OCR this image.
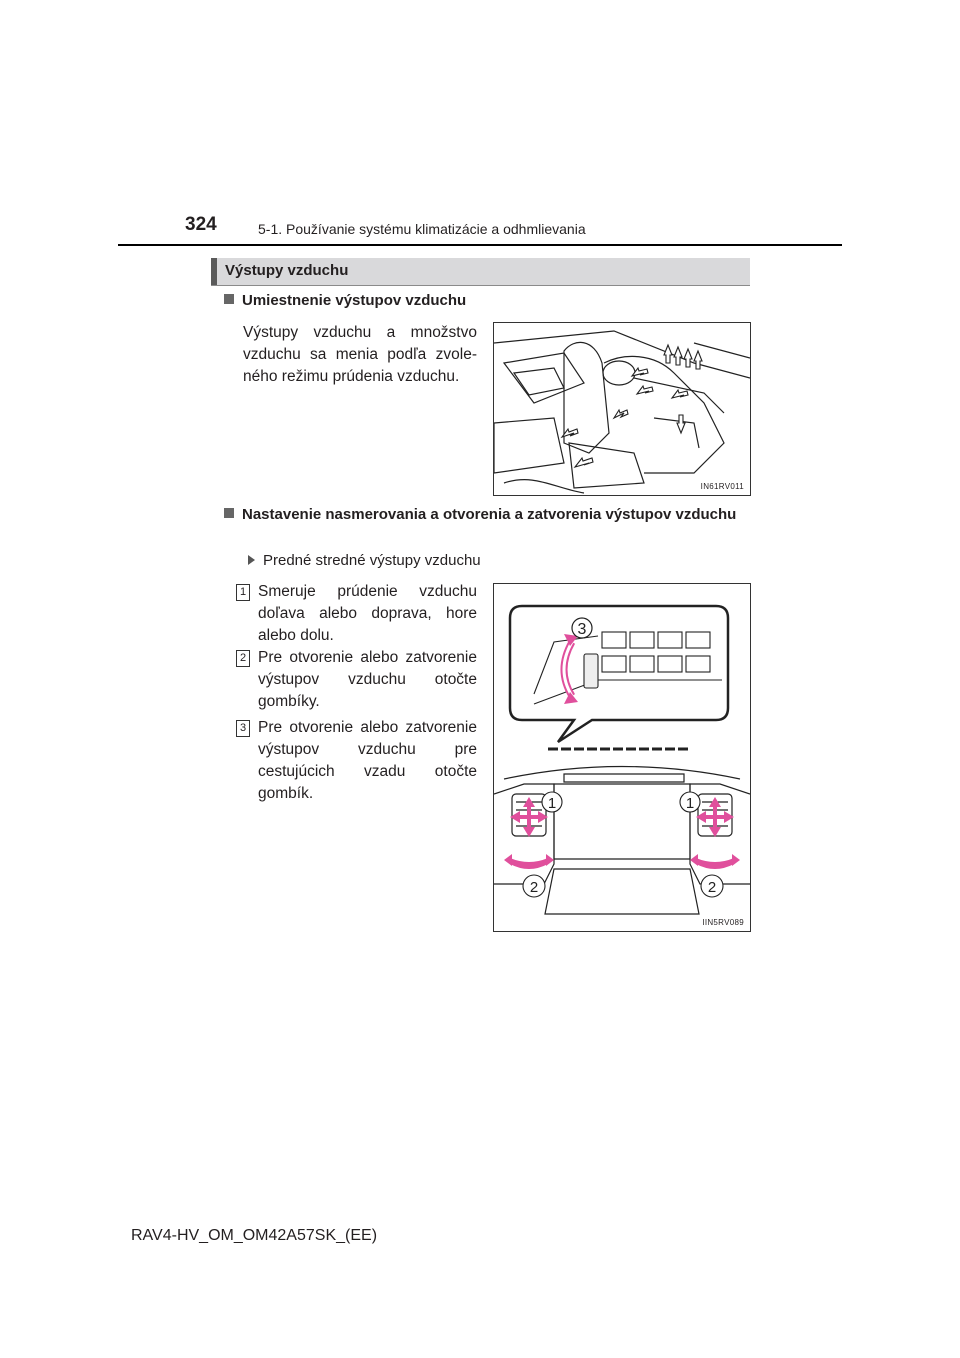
324	5-1. Používanie systému klimatizácie a odhmlievania
Výstupy vzduchu
Umiestnenie výstupov vzduchu
Výstupy vzduchu a množstvo vzduchu sa menia podľa zvoleného režimu prúdenia vzduchu.
IN61RV011
Nastavenie nasmerovania a otvorenia a zatvorenia výstupov vzduchu
Predné stredné výstupy vzduchu
1 Smeruje prúdenie vzduchu doľava alebo doprava, hore alebo dolu.
2 Pre otvorenie alebo zatvorenie výstupov vzduchu otočte gombíky.
3 Pre otvorenie alebo zatvorenie výstupov vzduchu pre cestujúcich vzadu otočte gombík.
3
1	1
2	2
IIN5RV089
RAV4-HV_OM_OM42A57SK_(EE)
